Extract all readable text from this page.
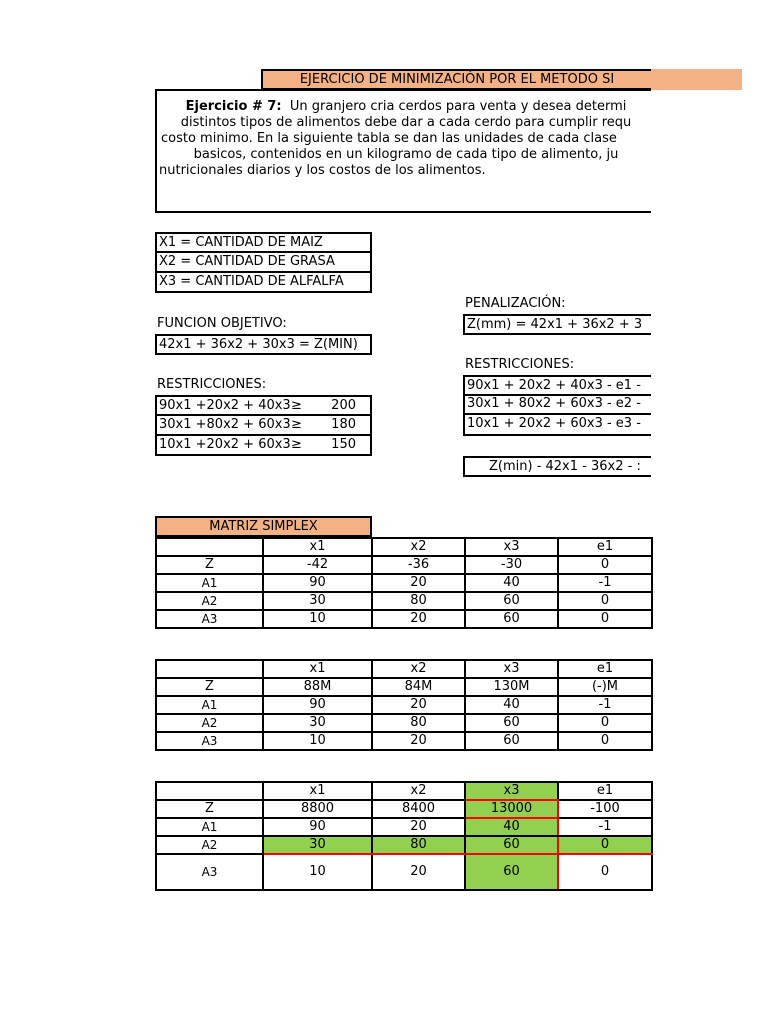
EJERCICIO DE MINIMIZACIÓN POR EL METODO SI

Ejercicio # 7: Un granjero cria cerdos para venta y desea determi

distintos tipos de alimentos debe dar a cada cerdo para cumplir requ

costo minimo. En la siguiente tabla se dan las unidades de cada clase

basicos, contenidos en un kilogramo de cada tipo de alimento, ju

nutricionales diarios y los costos de los alimentos.

X1 = CANTIDAD DE MAIZ
X2 = CANTIDAD DE GRASA
X3 = CANTIDAD DE ALFALFA
FUNCION OBJETIVO:
42x1 + 36x2 + 30x3 = Z(MIN)
RESTRICCIONES:
90x1 +20x2 + 40x3 ≥ 200
30x1 +80x2 + 60x3 ≥ 180
10x1 +20x2 + 60x3 ≥ 150
PENALIZACIÓN:
Z(mm) = 42x1 + 36x2 + 3
RESTRICCIONES:
90x1 + 20x2 + 40x3 - e1 -
30x1 + 80x2 + 60x3 - e2 -
10x1 + 20x2 + 60x3 - e3 -
Z(min) - 42x1 - 36x2 - :
MATRIZ SIMPLEX
	x1	x2	x3	e1
Z	-42	-36	-30	0
A1	90	20	40	-1
A2	30	80	60	0
A3	10	20	60	0
	x1	x2	x3	e1
Z	88M	84M	130M	(-)M
A1	90	20	40	-1
A2	30	80	60	0
A3	10	20	60	0
	x1	x2	x3	e1
Z	8800	8400	13000	-100
A1	90	20	40	-1
A2	30	80	60	0
A3	10	20	60	0
